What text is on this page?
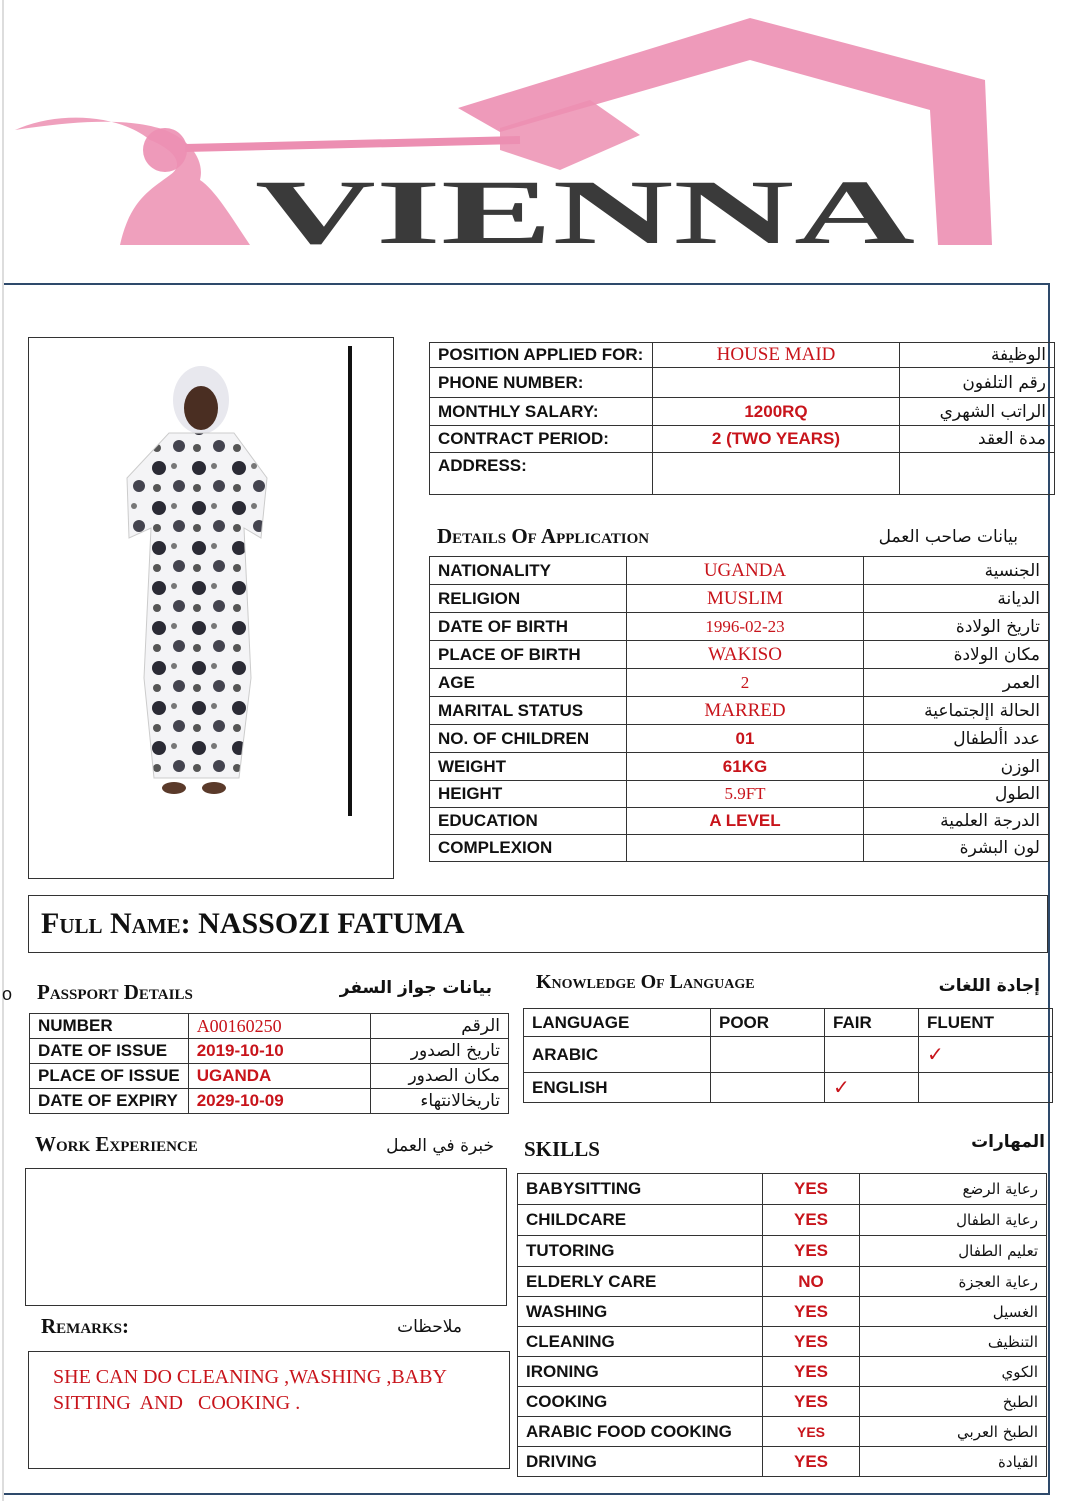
VIENNA
POSITION APPLIED FOR:	HOUSE MAID	الوظيفة
PHONE NUMBER:		رقم التلفون
MONTHLY SALARY:	1200RQ	الراتب الشهري
CONTRACT PERIOD:	2 (TWO YEARS)	مدة العقد
ADDRESS:		
Details Of Application	بيانات صاحب العمل
NATIONALITY	UGANDA	الجنسية
RELIGION	MUSLIM	الديانة
DATE OF BIRTH	1996-02-23	تاريخ الولادة
PLACE OF BIRTH	WAKISO	مكان الولادة
AGE	2	العمر
MARITAL STATUS	MARRED	الحالة اإلجتماعية
NO. OF CHILDREN	01	عدد األطفال
WEIGHT	61KG	الوزن
HEIGHT	5.9FT	الطول
EDUCATION	A LEVEL	الدرجة العلمية
COMPLEXION		لون البشرة
Full Name: NASSOZI FATUMA
o Passport Details	بيانات جواز السفر
NUMBER	A00160250	الرقم
DATE OF ISSUE	2019-10-10	تاريخ الصدور
PLACE OF ISSUE	UGANDA	مكان الصدور
DATE OF EXPIRY	2029-10-09	تاريخالانتهاء
Knowledge Of Language	إجادة اللغات
LANGUAGE	POOR	FAIR	FLUENT
ARABIC			✓
ENGLISH		✓	
Work Experience	خبرة في العمل
Remarks:	ملاحظات
SHE CAN DO CLEANING ,WASHING ,BABY
SITTING  AND   COOKING .
SKILLS	المهارات
BABYSITTING	YES	رعاية الرضع
CHILDCARE	YES	رعاية الطفال
TUTORING	YES	تعليم الطفال
ELDERLY CARE	NO	رعاية العجزة
WASHING	YES	الغسيل
CLEANING	YES	التنظيف
IRONING	YES	الكوي
COOKING	YES	الطبخ
ARABIC FOOD COOKING	YES	الطبخ العربي
DRIVING	YES	القيادة
